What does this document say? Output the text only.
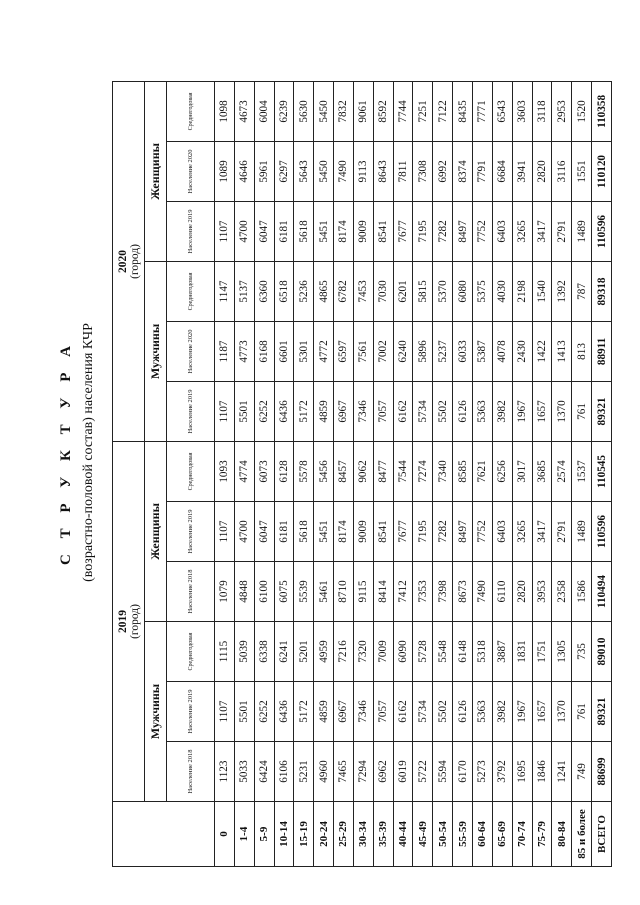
С Т Р У К Т У Р А (возрастно-половой состав) населения КЧР

	2019 (город)						2020 (город)					

	Мужчины			Женщины			Мужчины			Женщины		
	Население 2018	Население 2019	Среднегодовая	Население 2018	Население 2019	Среднегодовая	Население 2019	Население 2020	Среднегодовая	Население 2019	Население 2020	Среднегодовая
0	1123	1107	1115	1079	1107	1093	1107	1187	1147	1107	1089	1098
1-4	5033	5501	5039	4848	4700	4774	5501	4773	5137	4700	4646	4673
5-9	6424	6252	6338	6100	6047	6073	6252	6168	6360	6047	5961	6004
10-14	6106	6436	6241	6075	6181	6128	6436	6601	6518	6181	6297	6239
15-19	5231	5172	5201	5539	5618	5578	5172	5301	5236	5618	5643	5630
20-24	4960	4859	4959	5461	5451	5456	4859	4772	4865	5451	5450	5450
25-29	7465	6967	7216	8710	8174	8457	6967	6597	6782	8174	7490	7832
30-34	7294	7346	7320	9115	9009	9062	7346	7561	7453	9009	9113	9061
35-39	6962	7057	7009	8414	8541	8477	7057	7002	7030	8541	8643	8592
40-44	6019	6162	6090	7412	7677	7544	6162	6240	6201	7677	7811	7744
45-49	5722	5734	5728	7353	7195	7274	5734	5896	5815	7195	7308	7251
50-54	5594	5502	5548	7398	7282	7340	5502	5237	5370	7282	6992	7122
55-59	6170	6126	6148	8673	8497	8585	6126	6033	6080	8497	8374	8435
60-64	5273	5363	5318	7490	7752	7621	5363	5387	5375	7752	7791	7771
65-69	3792	3982	3887	6110	6403	6256	3982	4078	4030	6403	6684	6543
70-74	1695	1967	1831	2820	3265	3017	1967	2430	2198	3265	3941	3603
75-79	1846	1657	1751	3953	3417	3685	1657	1422	1540	3417	2820	3118
80-84	1241	1370	1305	2358	2791	2574	1370	1413	1392	2791	3116	2953
85 и более	749	761	735	1586	1489	1537	761	813	787	1489	1551	1520
ВСЕГО	88699	89321	89010	110494	110596	110545	89321	88911	89318	110596	110120	110358
